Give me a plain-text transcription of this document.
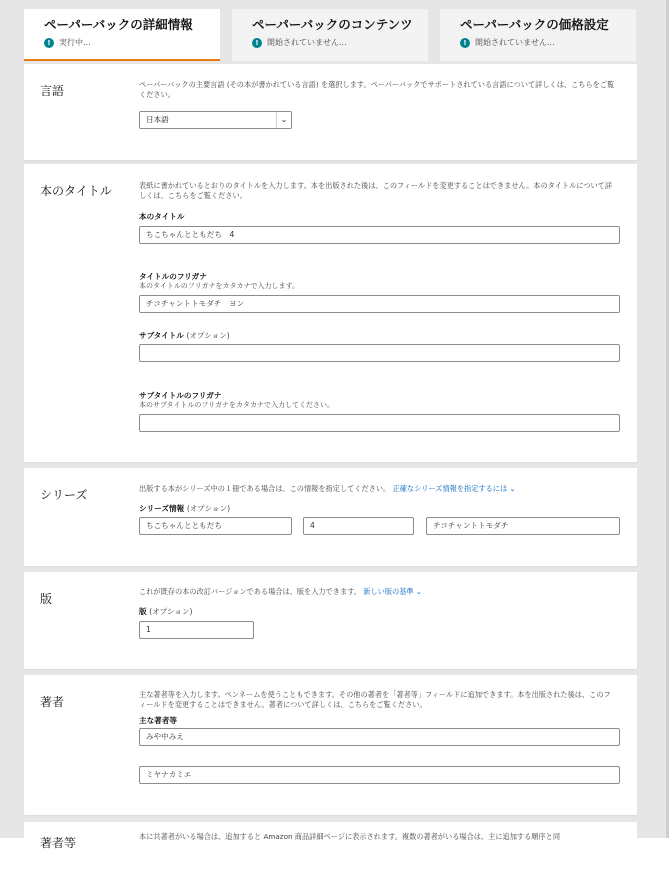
ペーパーバックの詳細情報
!	実行中...
ペーパーバックのコンテンツ
!	開始されていません...
ペーパーバックの価格設定
!	開始されていません...
言語	ペーパーバックの主要言語 (その本が書かれている言語) を選択します。ペーパーバックでサポートされている言語について詳しくは、こちらをご覧ください。
日本語	⌄
本のタイトル	表紙に書かれているとおりのタイトルを入力します。本を出版された後は、このフィールドを変更することはできません。本のタイトルについて詳しくは、こちらをご覧ください。
本のタイトル
ちこちゃんとともだち　4
タイトルのフリガナ
本のタイトルのフリガナをカタカナで入力します。
チコチャントトモダチ　ヨン
サブタイトル (オプション)
サブタイトルのフリガナ
本のサブタイトルのフリガナをカタカナで入力してください。
シリーズ	出版する本がシリーズ中の１冊である場合は、この情報を指定してください。 正確なシリーズ情報を指定するには ⌄
シリーズ情報 (オプション)
ちこちゃんとともだち	4	チコチャントトモダチ
版
これが既存の本の改訂バージョンである場合は、版を入力できます。 新しい版の基準 ⌄
版 (オプション)
1
著者
主な著者等を入力します。ペンネームを使うこともできます。その他の著者を「著者等」フィールドに追加できます。本を出版された後は、このフィールドを変更することはできません。著者について詳しくは、こちらをご覧ください。
主な著者等
みや中みえ
ミヤナカミエ
著者等	本に共著者がいる場合は、追加すると Amazon 商品詳細ページに表示されます。複数の著者がいる場合は、主に追加する順序と同
